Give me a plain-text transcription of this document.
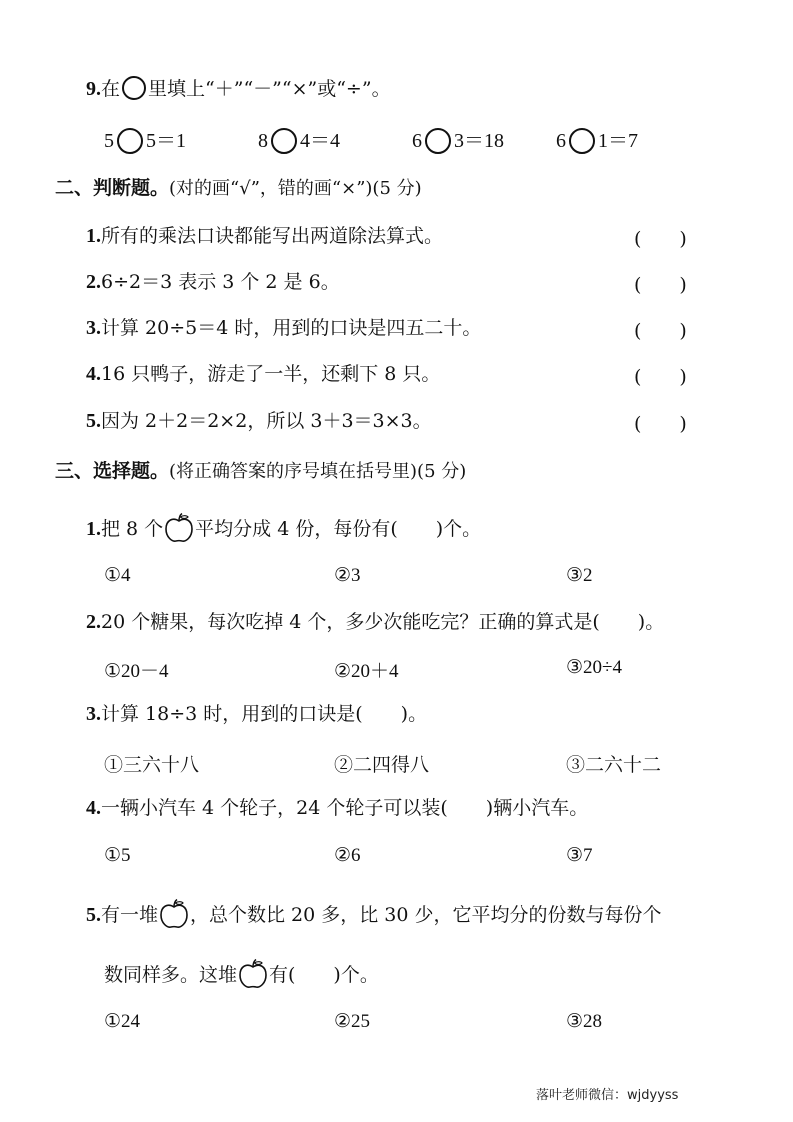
9.在 里填上“＋”“－”“×”或“÷”。
5 5＝1	8 4＝4	6 3＝18	6 1＝7
二、判断题。(对的画“√”，错的画“×”)(5 分)
1.所有的乘法口诀都能写出两道除法算式。	(　　)
2.6÷2＝3 表示 3 个 2 是 6。	(　　)
3.计算 20÷5＝4 时，用到的口诀是四五二十。	(　　)
4.16 只鸭子，游走了一半，还剩下 8 只。	(　　)
5.因为 2＋2＝2×2，所以 3＋3＝3×3。	(　　)
三、选择题。(将正确答案的序号填在括号里)(5 分)
1.把 8 个 平均分成 4 份，每份有(　　)个。
①4	②3	③2
2.20 个糖果，每次吃掉 4 个，多少次能吃完？正确的算式是(　　)。
①20－4	②20＋4	③20÷4
3.计算 18÷3 时，用到的口诀是(　　)。
①三六十八	②二四得八	③二六十二
4.一辆小汽车 4 个轮子，24 个轮子可以装(　　)辆小汽车。
①5	②6	③7
5.有一堆 ，总个数比 20 多，比 30 少，它平均分的份数与每份个
数同样多。这堆 有(　　)个。
①24	②25	③28
落叶老师微信：wjdyyss
